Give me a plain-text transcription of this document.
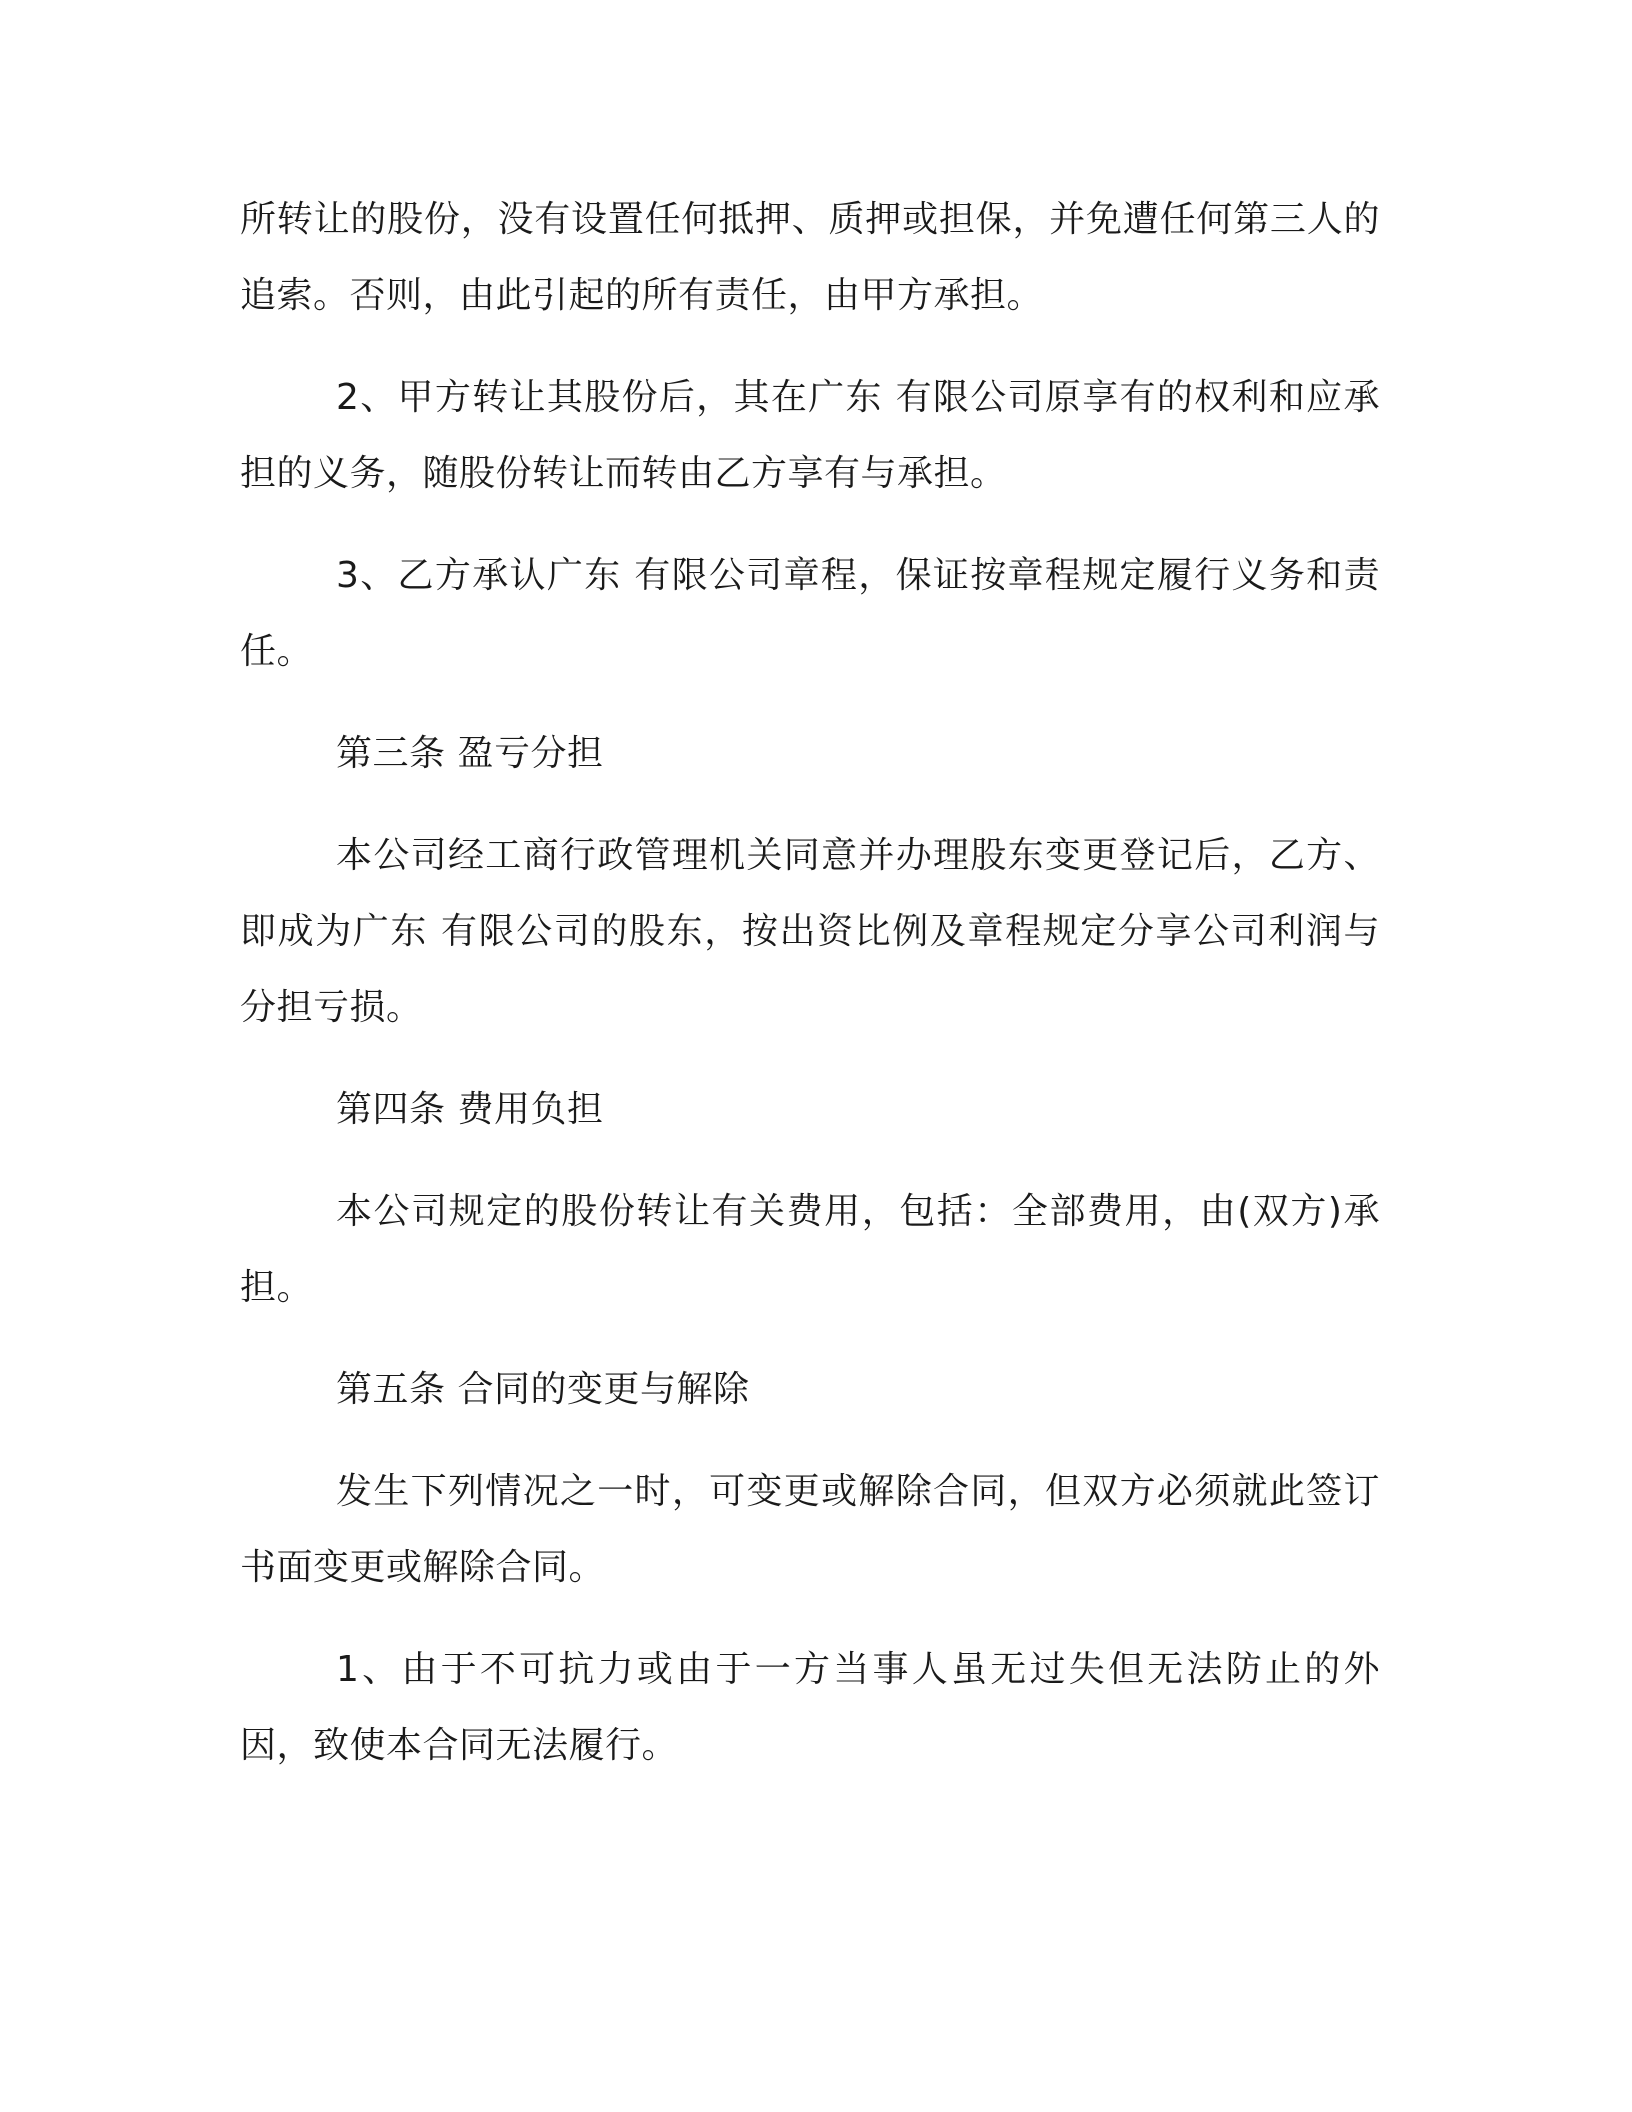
所转让的股份，没有设置任何抵押、质押或担保，并免遭任何第三人的追索。否则，由此引起的所有责任，由甲方承担。

2、甲方转让其股份后，其在广东 有限公司原享有的权利和应承担的义务，随股份转让而转由乙方享有与承担。

3、乙方承认广东 有限公司章程，保证按章程规定履行义务和责任。

第三条 盈亏分担

本公司经工商行政管理机关同意并办理股东变更登记后，乙方、即成为广东 有限公司的股东，按出资比例及章程规定分享公司利润与分担亏损。

第四条 费用负担

本公司规定的股份转让有关费用，包括：全部费用，由(双方)承担。

第五条 合同的变更与解除

发生下列情况之一时，可变更或解除合同，但双方必须就此签订书面变更或解除合同。

1、由于不可抗力或由于一方当事人虽无过失但无法防止的外因，致使本合同无法履行。
